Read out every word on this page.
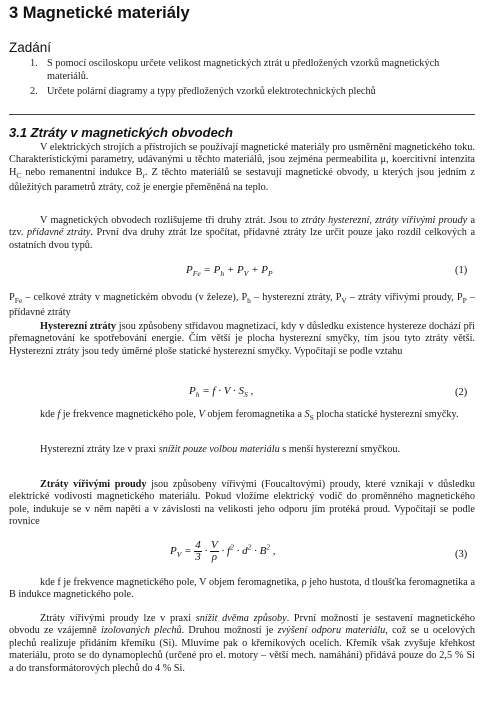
3 Magnetické materiály
Zadání
1. S pomocí osciloskopu určete velikost magnetických ztrát u předložených vzorků magnetických materiálů.
2. Určete polární diagramy a typy předložených vzorků elektrotechnických plechů
3.1 Ztráty v magnetických obvodech
V elektrických strojích a přístrojích se používají magnetické materiály pro usměrnění magnetického toku. Charakteristickými parametry, udávanými u těchto materiálů, jsou zejména permeabilita μ, koercitivní intenzita $H_C$ nebo remanentní indukce $B_r$. Z těchto materiálů se sestavují magnetické obvody, u kterých jsou jedním z důležitých parametrů ztráty, což je energie přeměněná na teplo.
V magnetických obvodech rozlišujeme tři druhy ztrát. Jsou to ztráty hysterezní, ztráty vířivými proudy a tzv. přídavné ztráty. První dva druhy ztrát lze spočítat, přídavné ztráty lze určit pouze jako rozdíl celkových a ostatních dvou typů.
$P_{Fe} = P_h + P_V + P_P$	(1)
$P_{Fe}$ – celkové ztráty v magnetickém obvodu (v železe), $P_h$ – hysterezní ztráty, $P_V$ – ztráty vířivými proudy, $P_P$ – přídavné ztráty
Hysterezní ztráty jsou způsobeny střídavou magnetizací, kdy v důsledku existence hystereze dochází při přemagnetování ke spotřebování energie. Čím větší je plocha hysterezní smyčky, tím jsou tyto ztráty větší. Hysterezní ztráty jsou tedy úměrné ploše statické hysterezní smyčky. Vypočítají se podle vztahu
$P_h = f \cdot V \cdot S_S$ ,	(2)
kde f je frekvence magnetického pole, V objem feromagnetika a $S_S$ plocha statické hysterezní smyčky.
Hysterezní ztráty lze v praxi snížit pouze volbou materiálu s menší hysterezní smyčkou.
Ztráty vířivými proudy jsou způsobeny vířivými (Foucaltovými) proudy, které vznikají v důsledku elektrické vodivosti magnetického materiálu. Pokud vložíme elektrický vodič do proměnného magnetického pole, indukuje se v něm napětí a v závislosti na velikosti jeho odporu jím protéká proud. Vypočítají se podle rovnice
$P_V = \frac{4}{3} \cdot \frac{V}{\rho} \cdot f^2 \cdot d^2 \cdot B^2$ ,	(3)
kde f je frekvence magnetického pole, V objem feromagnetika, ρ jeho hustota, d tloušťka feromagnetika a B indukce magnetického pole.
Ztráty vířivými proudy lze v praxi snížit dvěma způsoby. První možností je sestavení magnetického obvodu ze vzájemně izolovaných plechů. Druhou možností je zvýšení odporu materiálu, což se u ocelových plechů realizuje přidáním křemíku (Si). Mluvíme pak o křemíkových ocelích. Křemík však zvyšuje křehkost materiálu, proto se do dynamoplechů (určené pro el. motory – větší mech. namáhání) přidává pouze do 2,5 % Si a do transformátorových plechů do 4 % Si.
